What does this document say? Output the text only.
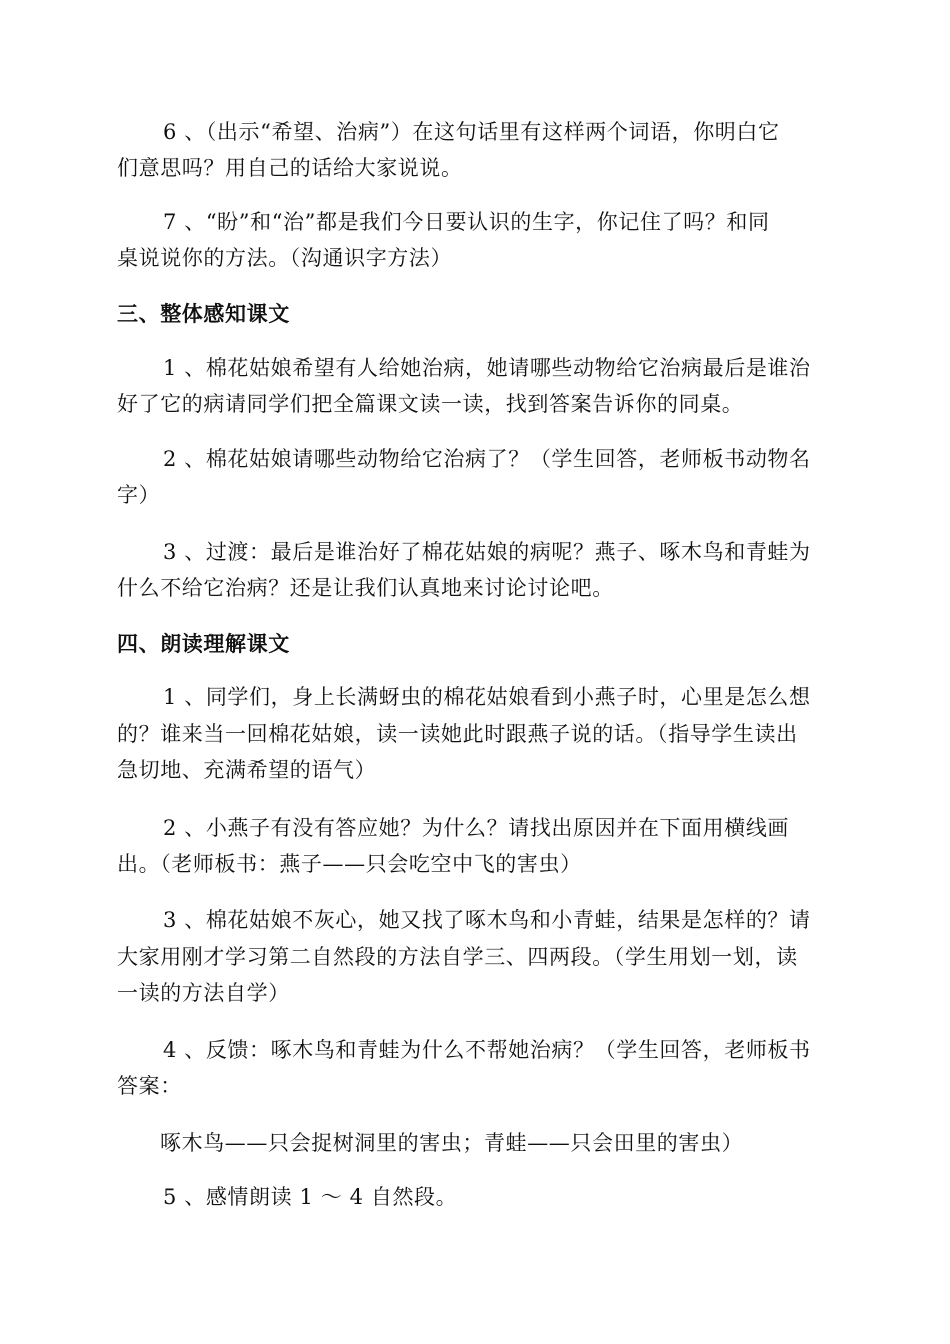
6 、（出示“希望、治病”）在这句话里有这样两个词语，你明白它
们意思吗？用自己的话给大家说说。
7 、“盼”和“治”都是我们今日要认识的生字，你记住了吗？和同
桌说说你的方法。（沟通识字方法）
三、整体感知课文
1 、棉花姑娘希望有人给她治病，她请哪些动物给它治病最后是谁治
好了它的病请同学们把全篇课文读一读，找到答案告诉你的同桌。
2 、棉花姑娘请哪些动物给它治病了？（学生回答，老师板书动物名
字）
3 、过渡：最后是谁治好了棉花姑娘的病呢？燕子、啄木鸟和青蛙为
什么不给它治病？还是让我们认真地来讨论讨论吧。
四、朗读理解课文
1 、同学们，身上长满蚜虫的棉花姑娘看到小燕子时，心里是怎么想
的？谁来当一回棉花姑娘，读一读她此时跟燕子说的话。（指导学生读出
急切地、充满希望的语气）
2 、小燕子有没有答应她？为什么？请找出原因并在下面用横线画
出。（老师板书：燕子——只会吃空中飞的害虫）
3 、棉花姑娘不灰心，她又找了啄木鸟和小青蛙，结果是怎样的？请
大家用刚才学习第二自然段的方法自学三、四两段。（学生用划一划，读
一读的方法自学）
4 、反馈：啄木鸟和青蛙为什么不帮她治病？（学生回答，老师板书
答案：
啄木鸟——只会捉树洞里的害虫；青蛙——只会田里的害虫）
5 、感情朗读 1 ～ 4 自然段。
